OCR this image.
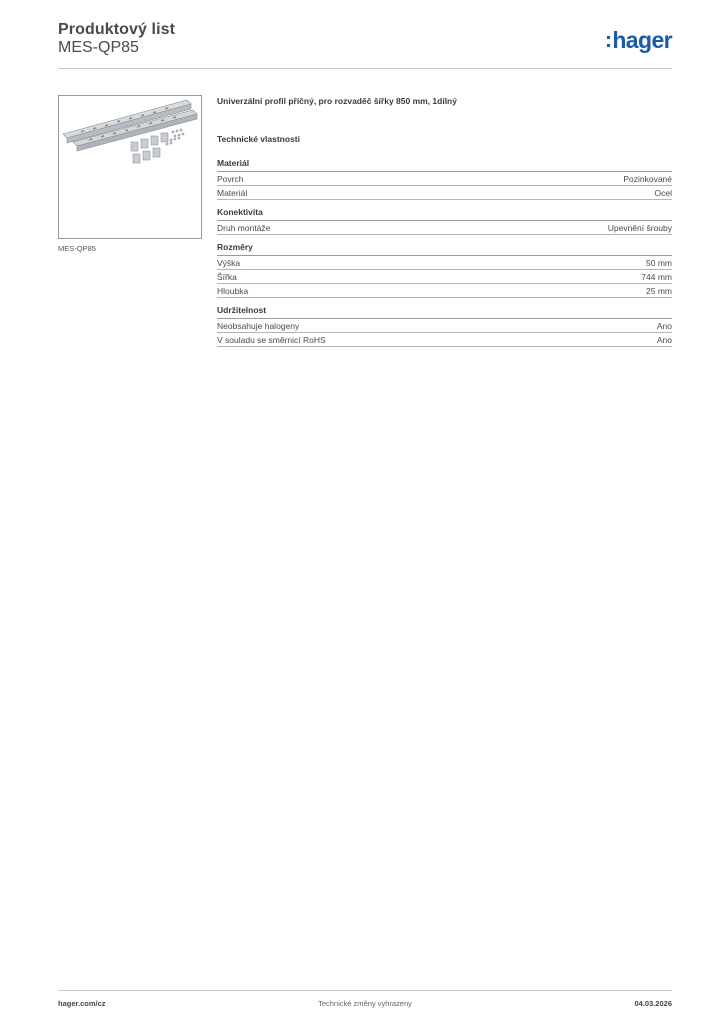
Produktový list
MES-QP85	hager
MES-QP85
Univerzální profil příčný, pro rozvaděč šířky 850 mm, 1dílný
Technické vlastnosti
Materiál
Povrch	Pozinkované
Materiál	Ocel
Konektivita
Druh montáže	Upevnění šrouby
Rozměry
Výška	50 mm
Šířka	744 mm
Hloubka	25 mm
Udržitelnost
Neobsahuje halogeny	Ano
V souladu se směrnicí RoHS	Ano
hager.com/cz	Technické změny vyhrazeny	04.03.2026
